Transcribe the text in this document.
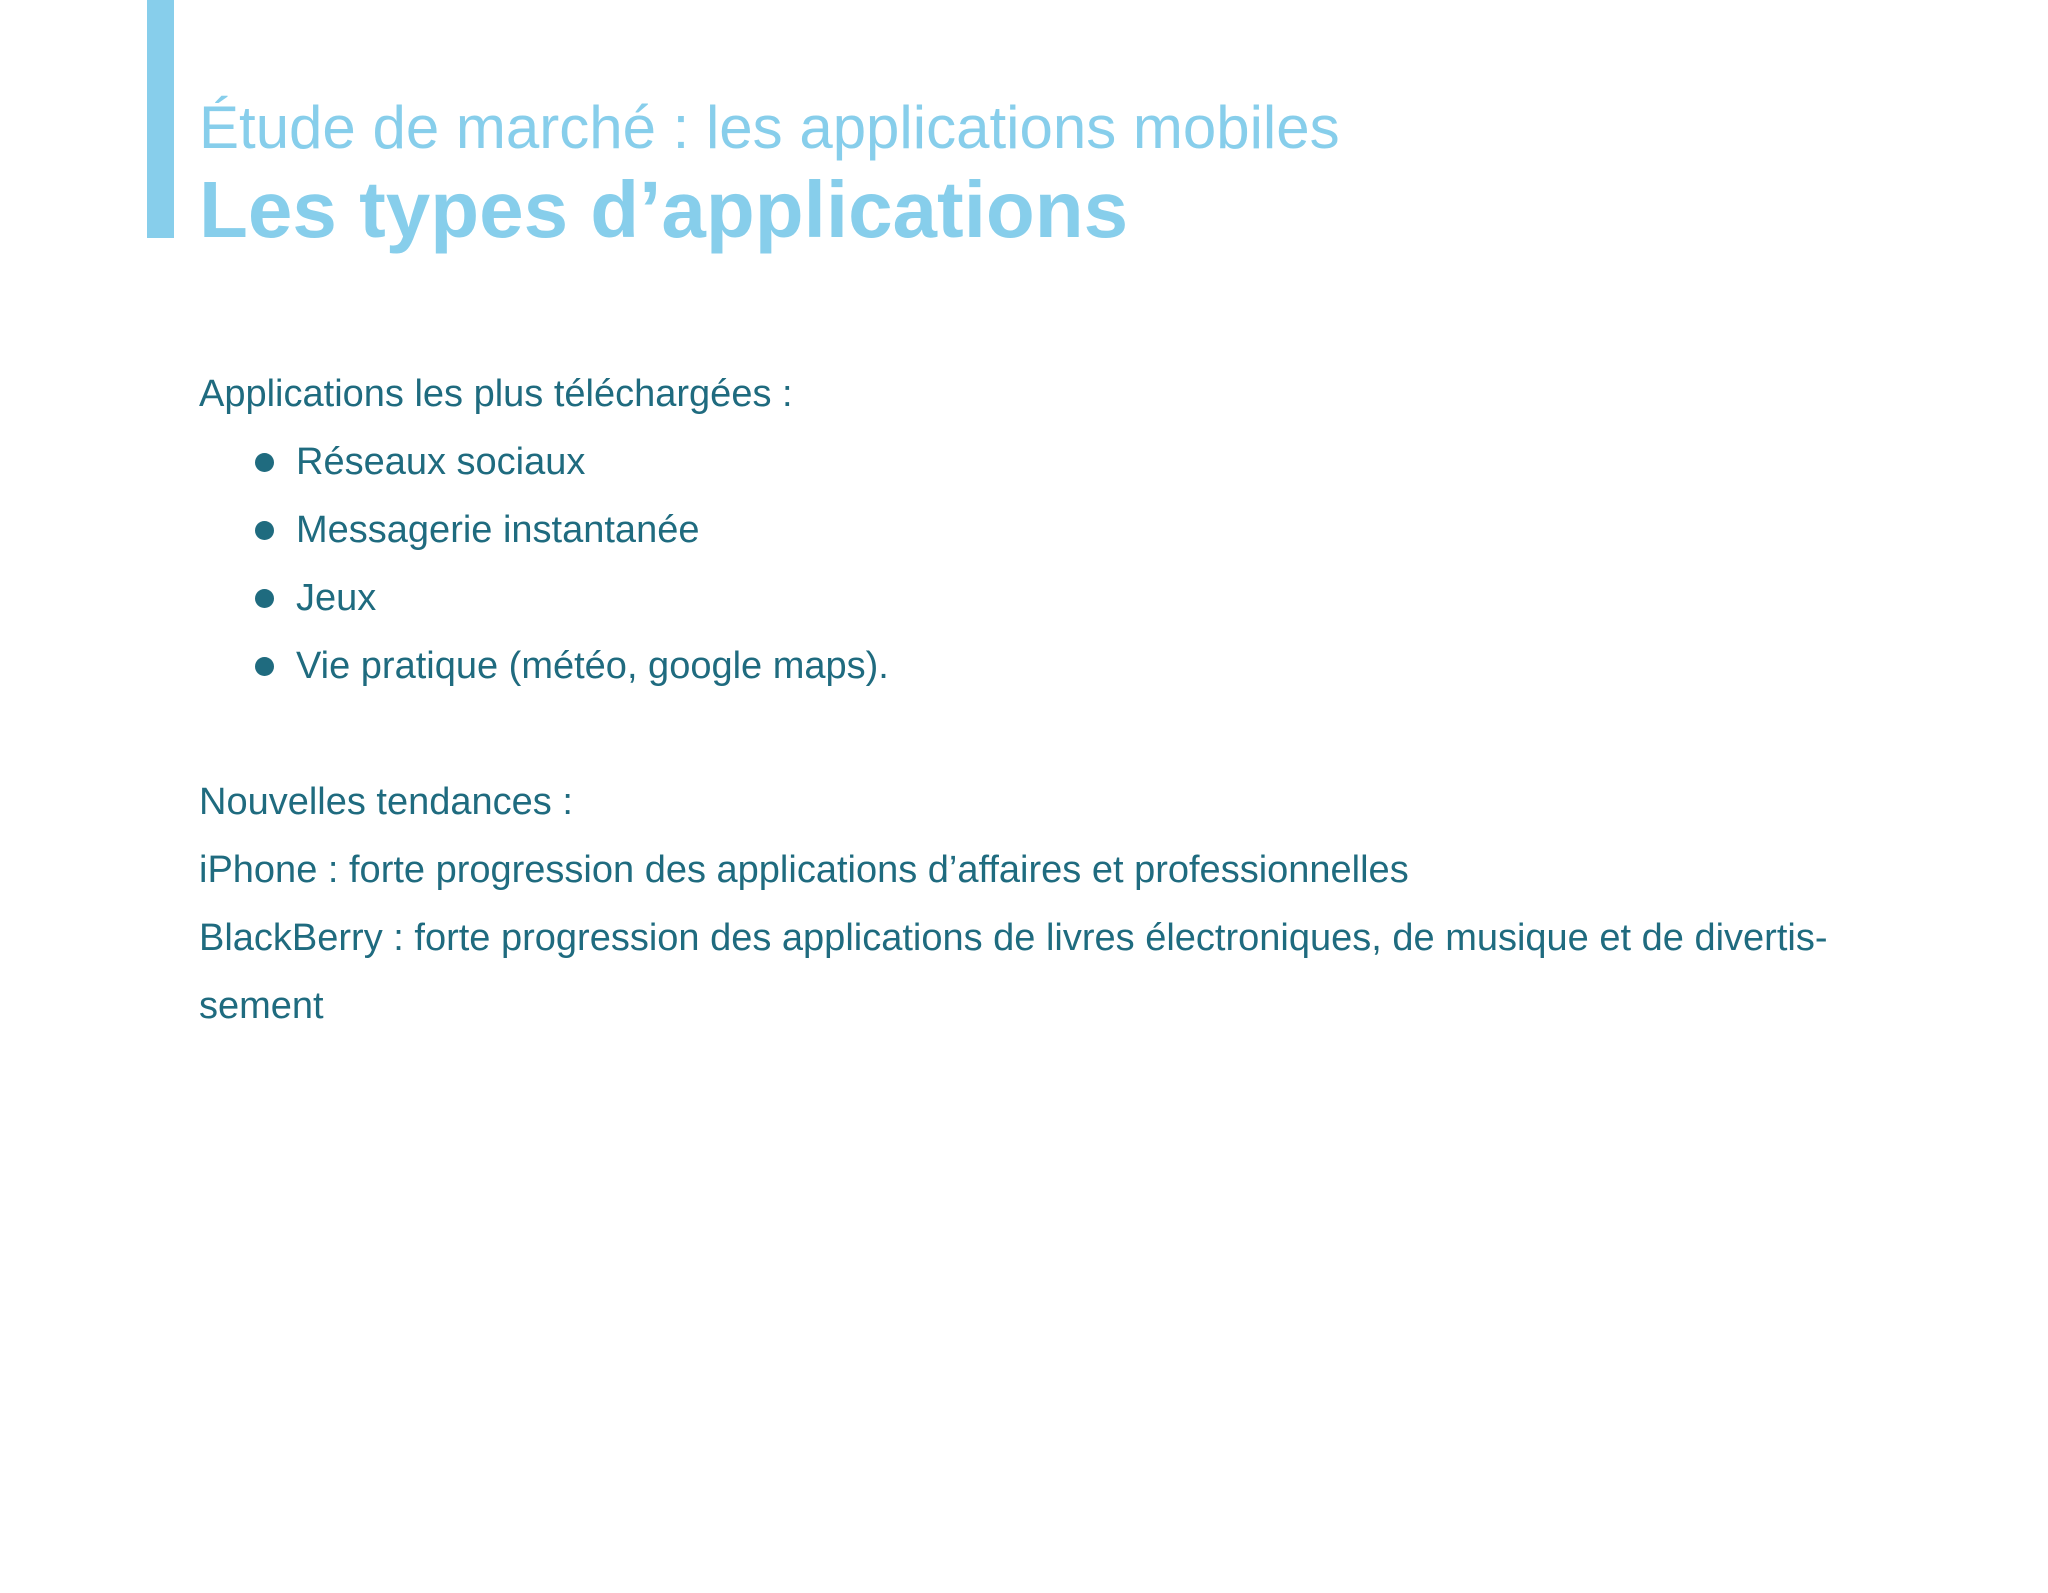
Étude de marché : les applications mobiles
Les types d’applications
Applications les plus téléchargées :
Réseaux sociaux
Messagerie instantanée
Jeux
Vie pratique (météo, google maps).
Nouvelles tendances :
iPhone : forte progression des applications d’affaires et professionnelles
BlackBerry : forte progression des applications de livres électroniques, de musique et de divertis-
sement
